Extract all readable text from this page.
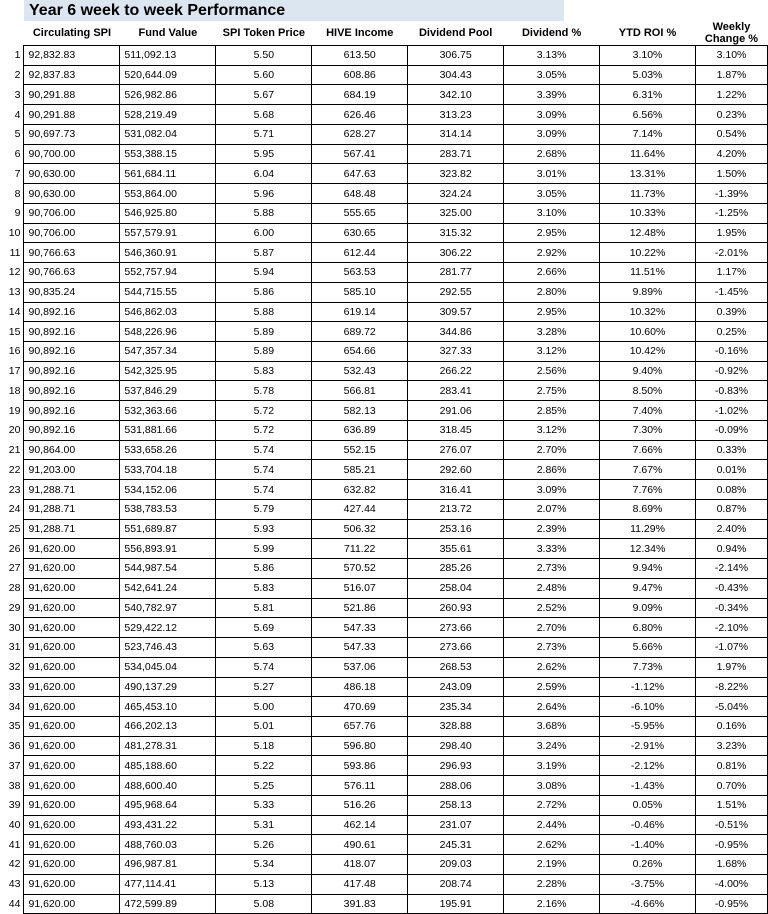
Year 6 week to week Performance
	Circulating SPI	Fund Value	SPI Token Price	HIVE Income	Dividend Pool	Dividend %	YTD ROI %	Weekly Change %
1	92,832.83	511,092.13	5.50	613.50	306.75	3.13%	3.10%	3.10%
2	92,837.83	520,644.09	5.60	608.86	304.43	3.05%	5.03%	1.87%
3	90,291.88	526,982.86	5.67	684.19	342.10	3.39%	6.31%	1.22%
4	90,291.88	528,219.49	5.68	626.46	313.23	3.09%	6.56%	0.23%
5	90,697.73	531,082.04	5.71	628.27	314.14	3.09%	7.14%	0.54%
6	90,700.00	553,388.15	5.95	567.41	283.71	2.68%	11.64%	4.20%
7	90,630.00	561,684.11	6.04	647.63	323.82	3.01%	13.31%	1.50%
8	90,630.00	553,864.00	5.96	648.48	324.24	3.05%	11.73%	-1.39%
9	90,706.00	546,925.80	5.88	555.65	325.00	3.10%	10.33%	-1.25%
10	90,706.00	557,579.91	6.00	630.65	315.32	2.95%	12.48%	1.95%
11	90,766.63	546,360.91	5.87	612.44	306.22	2.92%	10.22%	-2.01%
12	90,766.63	552,757.94	5.94	563.53	281.77	2.66%	11.51%	1.17%
13	90,835.24	544,715.55	5.86	585.10	292.55	2.80%	9.89%	-1.45%
14	90,892.16	546,862.03	5.88	619.14	309.57	2.95%	10.32%	0.39%
15	90,892.16	548,226.96	5.89	689.72	344.86	3.28%	10.60%	0.25%
16	90,892.16	547,357.34	5.89	654.66	327.33	3.12%	10.42%	-0.16%
17	90,892.16	542,325.95	5.83	532.43	266.22	2.56%	9.40%	-0.92%
18	90,892.16	537,846.29	5.78	566.81	283.41	2.75%	8.50%	-0.83%
19	90,892.16	532,363.66	5.72	582.13	291.06	2.85%	7.40%	-1.02%
20	90,892.16	531,881.66	5.72	636.89	318.45	3.12%	7.30%	-0.09%
21	90,864.00	533,658.26	5.74	552.15	276.07	2.70%	7.66%	0.33%
22	91,203.00	533,704.18	5.74	585.21	292.60	2.86%	7.67%	0.01%
23	91,288.71	534,152.06	5.74	632.82	316.41	3.09%	7.76%	0.08%
24	91,288.71	538,783.53	5.79	427.44	213.72	2.07%	8.69%	0.87%
25	91,288.71	551,689.87	5.93	506.32	253.16	2.39%	11.29%	2.40%
26	91,620.00	556,893.91	5.99	711.22	355.61	3.33%	12.34%	0.94%
27	91,620.00	544,987.54	5.86	570.52	285.26	2.73%	9.94%	-2.14%
28	91,620.00	542,641.24	5.83	516.07	258.04	2.48%	9.47%	-0.43%
29	91,620.00	540,782.97	5.81	521.86	260.93	2.52%	9.09%	-0.34%
30	91,620.00	529,422.12	5.69	547.33	273.66	2.70%	6.80%	-2.10%
31	91,620.00	523,746.43	5.63	547.33	273.66	2.73%	5.66%	-1.07%
32	91,620.00	534,045.04	5.74	537.06	268.53	2.62%	7.73%	1.97%
33	91,620.00	490,137.29	5.27	486.18	243.09	2.59%	-1.12%	-8.22%
34	91,620.00	465,453.10	5.00	470.69	235.34	2.64%	-6.10%	-5.04%
35	91,620.00	466,202.13	5.01	657.76	328.88	3.68%	-5.95%	0.16%
36	91,620.00	481,278.31	5.18	596.80	298.40	3.24%	-2.91%	3.23%
37	91,620.00	485,188.60	5.22	593.86	296.93	3.19%	-2.12%	0.81%
38	91,620.00	488,600.40	5.25	576.11	288.06	3.08%	-1.43%	0.70%
39	91,620.00	495,968.64	5.33	516.26	258.13	2.72%	0.05%	1.51%
40	91,620.00	493,431.22	5.31	462.14	231.07	2.44%	-0.46%	-0.51%
41	91,620.00	488,760.03	5.26	490.61	245.31	2.62%	-1.40%	-0.95%
42	91,620.00	496,987.81	5.34	418.07	209.03	2.19%	0.26%	1.68%
43	91,620.00	477,114.41	5.13	417.48	208.74	2.28%	-3.75%	-4.00%
44	91,620.00	472,599.89	5.08	391.83	195.91	2.16%	-4.66%	-0.95%
